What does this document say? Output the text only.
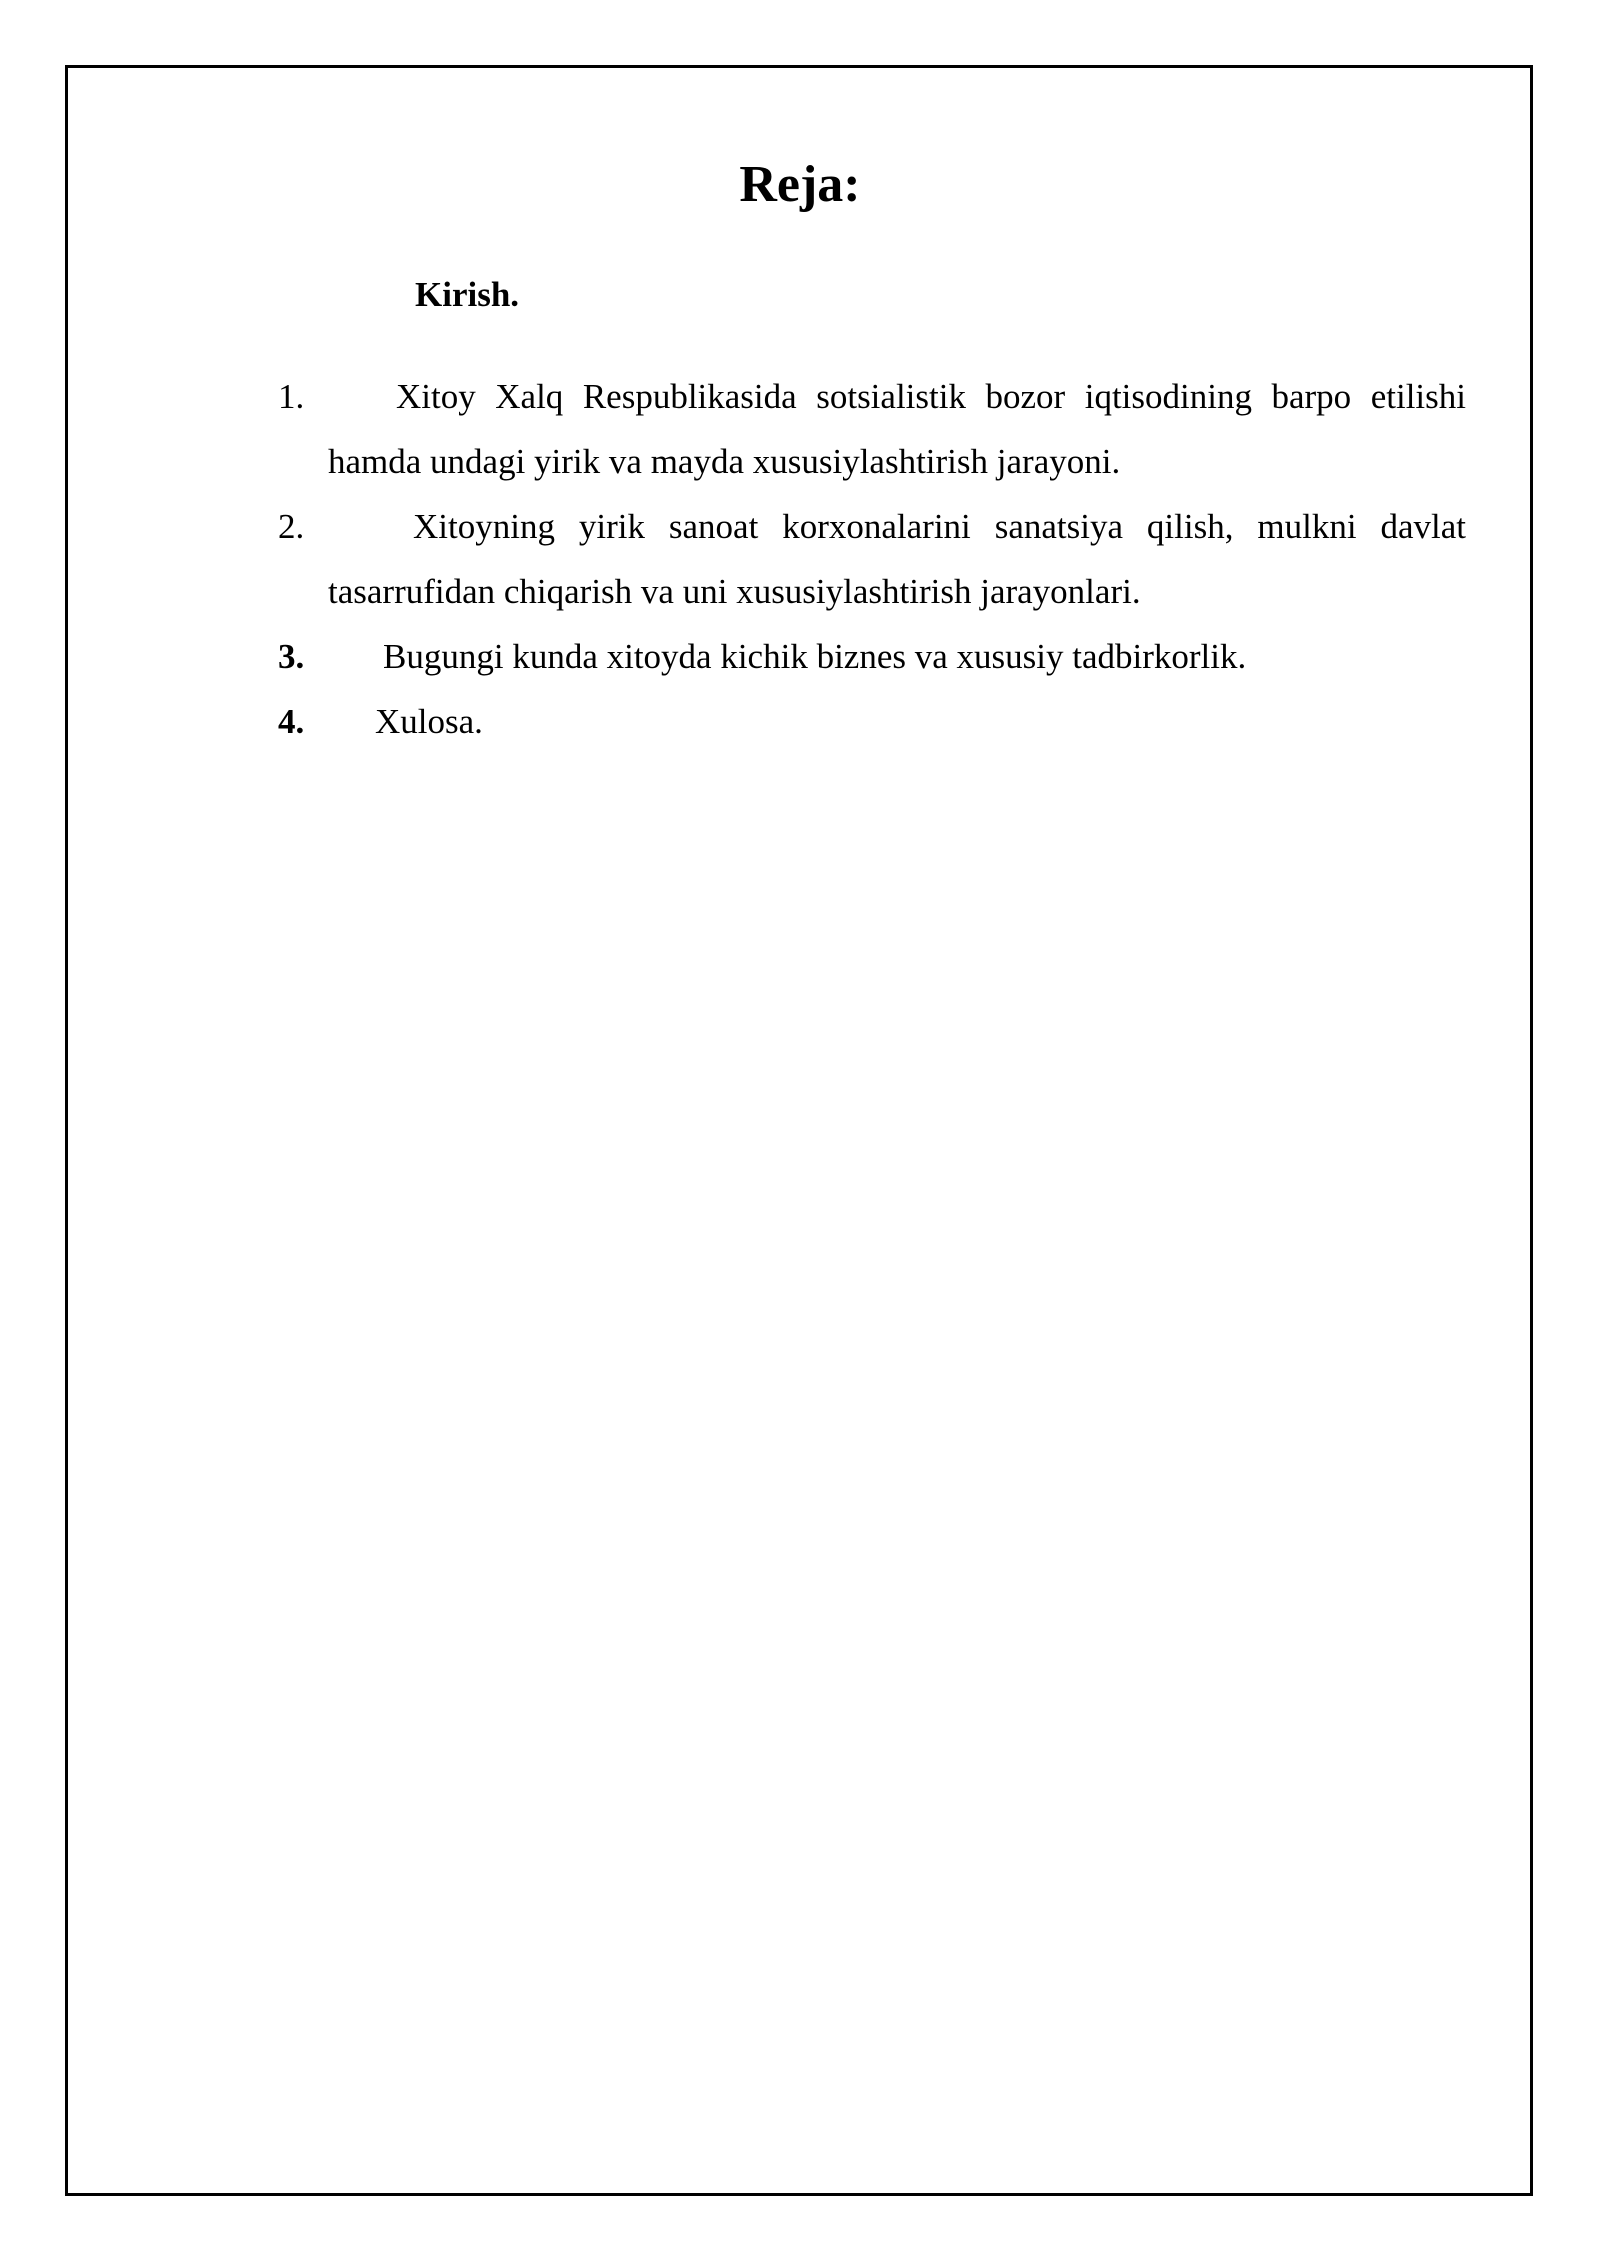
Reja:
Kirish.
1.	Xitoy Xalq Respublikasida sotsialistik bozor iqtisodining barpo etilishi hamda undagi yirik va mayda xususiylashtirish jarayoni.
2.	Xitoyning yirik sanoat korxonalarini sanatsiya qilish, mulkni davlat tasarrufidan chiqarish va uni xususiylashtirish jarayonlari.
3.	Bugungi kunda xitoyda kichik biznes va xususiy tadbirkorlik.
4.	Xulosa.
